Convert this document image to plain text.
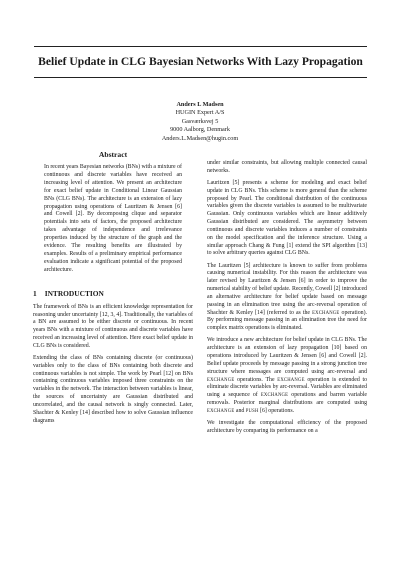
Belief Update in CLG Bayesian Networks With Lazy Propagation
Anders L Madsen
HUGIN Expert A/S
Gasværksvej 5
9000 Aalborg, Denmark
Anders.L.Madsen@hugin.com
Abstract
In recent years Bayesian networks (BNs) with a mixture of continuous and discrete variables have received an increasing level of attention. We present an architecture for exact belief update in Conditional Linear Gaussian BNs (CLG BNs). The architecture is an extension of lazy propagation using operations of Lauritzen & Jensen [6] and Cowell [2]. By decomposing clique and separator potentials into sets of factors, the proposed architecture takes advantage of independence and irrelevance properties induced by the structure of the graph and the evidence. The resulting benefits are illustrated by examples. Results of a preliminary empirical performance evaluation indicate a significant potential of the proposed architecture.
1 INTRODUCTION

The framework of BNs is an efficient knowledge representation for reasoning under uncertainty [12, 3, 4]. Traditionally, the variables of a BN are assumed to be either discrete or continuous. In recent years BNs with a mixture of continuous and discrete variables have received an increasing level of attention. Here exact belief update in CLG BNs is considered.

Extending the class of BNs containing discrete (or continuous) variables only to the class of BNs containing both discrete and continuous variables is not simple. The work by Pearl [12] on BNs containing continuous variables imposed three constraints on the variables in the network. The interaction between variables is linear, the sources of uncertainty are Gaussian distributed and uncorrelated, and the causal network is singly connected. Later, Shachter & Kenley [14] described how to solve Gaussian influence diagrams

under similar constraints, but allowing multiple connected causal networks.

Lauritzen [5] presents a scheme for modeling and exact belief update in CLG BNs. This scheme is more general than the scheme proposed by Pearl. The conditional distribution of the continuous variables given the discrete variables is assumed to be multivariate Gaussian. Only continuous variables which are linear additively Gaussian distributed are considered. The asymmetry between continuous and discrete variables induces a number of constraints on the model specification and the inference structure. Using a similar approach Chang & Fung [1] extend the SPI algorithm [13] to solve arbitrary queries against CLG BNs.

The Lauritzen [5] architecture is known to suffer from problems causing numerical instability. For this reason the architecture was later revised by Lauritzen & Jensen [6] in order to improve the numerical stability of belief update. Recently, Cowell [2] introduced an alternative architecture for belief update based on message passing in an elimination tree using the arc-reversal operation of Shachter & Kenley [14] (referred to as the EXCHANGE operation). By performing message passing in an elimination tree the need for complex matrix operations is eliminated.

We introduce a new architecture for belief update in CLG BNs. The architecture is an extension of lazy propagation [10] based on operations introduced by Lauritzen & Jensen [6] and Cowell [2]. Belief update proceeds by message passing in a strong junction tree structure where messages are computed using arc-reversal and EXCHANGE operations. The EXCHANGE operation is extended to eliminate discrete variables by arc-reversal. Variables are eliminated using a sequence of EXCHANGE operations and barren variable removals. Posterior marginal distributions are computed using EXCHANGE and PUSH [6] operations.

We investigate the computational efficiency of the proposed architecture by comparing its performance on a
